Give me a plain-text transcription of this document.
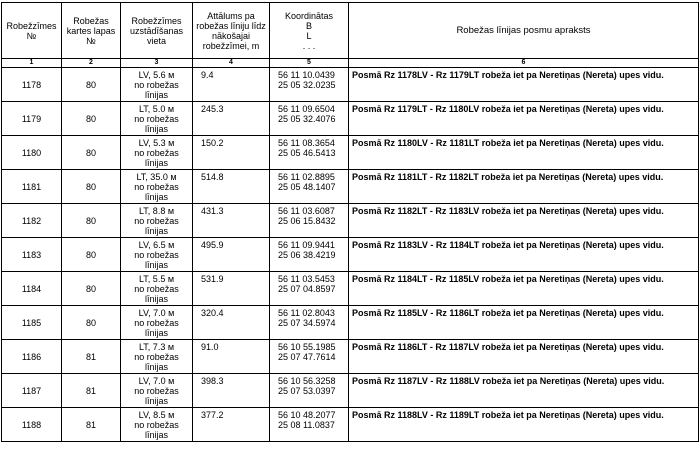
Robežzīmes №	Robežas kartes lapas №	Robežzīmes uzstādīšanas vieta	Attālums pa robežas līniju līdz nākošajai robežzīmei, m	Koordinātas
B
L
. . .	Robežas līnijas posmu apraksts
1	2	3	4	5	6
1178	80	LV, 5.6 м
no robežas
līnijas	9.4	56 11 10.0439
25 05 32.0235	Posmā Rz 1178LV - Rz 1179LT robeža iet pa Neretiņas (Nereta) upes vidu.
1179	80	LT, 5.0 м
no robežas
līnijas	245.3	56 11 09.6504
25 05 32.4076	Posmā Rz 1179LT - Rz 1180LV robeža iet pa Neretiņas (Nereta) upes vidu.
1180	80	LV, 5.3 м
no robežas
līnijas	150.2	56 11 08.3654
25 05 46.5413	Posmā Rz 1180LV - Rz 1181LT robeža iet pa Neretiņas (Nereta) upes vidu.
1181	80	LT, 35.0 м
no robežas
līnijas	514.8	56 11 02.8895
25 05 48.1407	Posmā Rz 1181LT - Rz 1182LT robeža iet pa Neretiņas (Nereta) upes vidu.
1182	80	LT, 8.8 м
no robežas
līnijas	431.3	56 11 03.6087
25 06 15.8432	Posmā Rz 1182LT - Rz 1183LV robeža iet pa Neretiņas (Nereta) upes vidu.
1183	80	LV, 6.5 м
no robežas
līnijas	495.9	56 11 09.9441
25 06 38.4219	Posmā Rz 1183LV - Rz 1184LT robeža iet pa Neretiņas (Nereta) upes vidu.
1184	80	LT, 5.5 м
no robežas
līnijas	531.9	56 11 03.5453
25 07 04.8597	Posmā Rz 1184LT - Rz 1185LV robeža iet pa Neretiņas (Nereta) upes vidu.
1185	80	LV, 7.0 м
no robežas
līnijas	320.4	56 11 02.8043
25 07 34.5974	Posmā Rz 1185LV - Rz 1186LT robeža iet pa Neretiņas (Nereta) upes vidu.
1186	81	LT, 7.3 м
no robežas
līnijas	91.0	56 10 55.1985
25 07 47.7614	Posmā Rz 1186LT - Rz 1187LV robeža iet pa Neretiņas (Nereta) upes vidu.
1187	81	LV, 7.0 м
no robežas
līnijas	398.3	56 10 56.3258
25 07 53.0397	Posmā Rz 1187LV - Rz 1188LV robeža iet pa Neretiņas (Nereta) upes vidu.
1188	81	LV, 8.5 м
no robežas
līnijas	377.2	56 10 48.2077
25 08 11.0837	Posmā Rz 1188LV - Rz 1189LT robeža iet pa Neretiņas (Nereta) upes vidu.
